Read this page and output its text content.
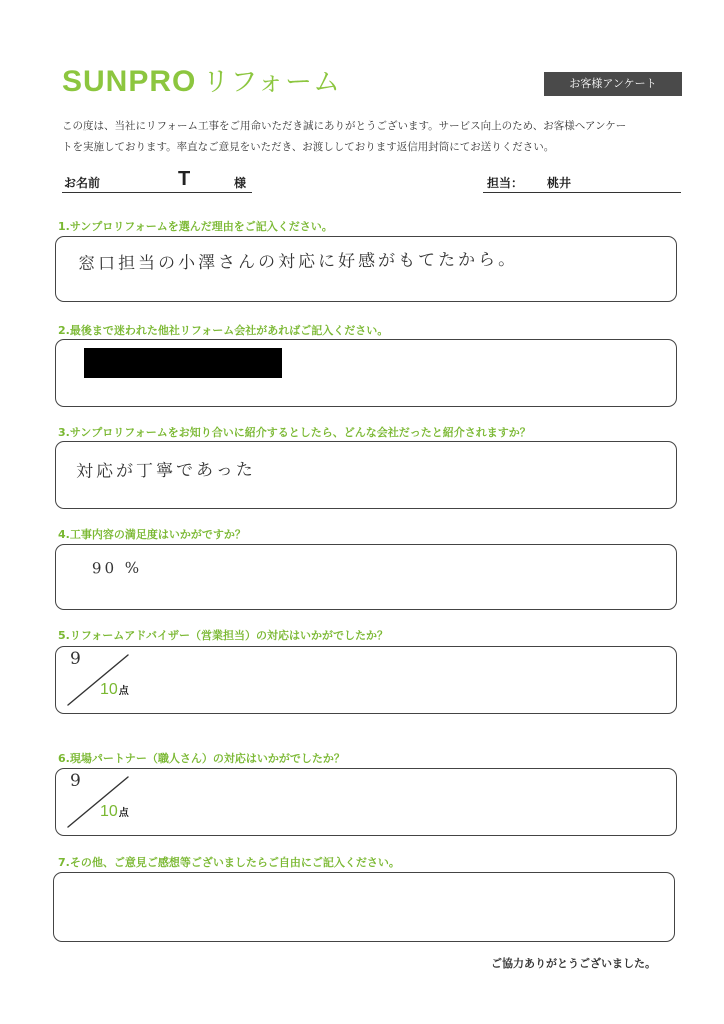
SUNPRO リフォーム	お客様アンケート
この度は、当社にリフォーム工事をご用命いただき誠にありがとうございます。サービス向上のため、お客様へアンケー
トを実施しております。率直なご意見をいただき、お渡ししております返信用封筒にてお送りください。
お名前	T	様	担当： 桃井
1.サンプロリフォームを選んだ理由をご記入ください。
窓口担当の小澤さんの対応に好感がもてたから。
2.最後まで迷われた他社リフォーム会社があればご記入ください。
3.サンプロリフォームをお知り合いに紹介するとしたら、どんな会社だったと紹介されますか？
対応が丁寧であった
4.工事内容の満足度はいかがですか？
90 %
5.リフォームアドバイザー（営業担当）の対応はいかがでしたか？
9
10点
6.現場パートナー（職人さん）の対応はいかがでしたか？
9
10点
7.その他、ご意見ご感想等ございましたらご自由にご記入ください。
ご協力ありがとうございました。
